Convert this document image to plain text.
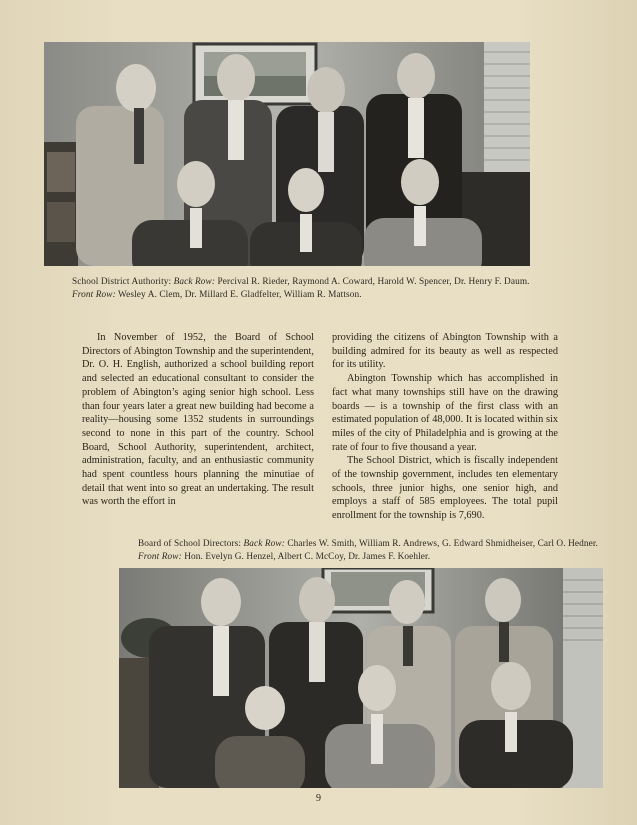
School District Authority: Back Row: Percival R. Rieder, Raymond A. Coward, Harold W. Spencer, Dr. Henry F. Daum. Front Row: Wesley A. Clem, Dr. Millard E. Gladfelter, William R. Mattson.

In November of 1952, the Board of School Directors of Abington Township and the superintendent, Dr. O. H. English, authorized a school building report and selected an educational consultant to consider the problem of Abington’s aging senior high school. Less than four years later a great new building had become a reality—housing some 1352 students in surroundings second to none in this part of the country. School Board, School Authority, superintendent, architect, administration, faculty, and an enthusiastic community had spent countless hours planning the minutiae of detail that went into so great an undertaking. The result was worth the effort in

providing the citizens of Abington Township with a building admired for its beauty as well as respected for its utility.

Abington Township which has accomplished in fact what many townships still have on the drawing boards — is a township of the first class with an estimated population of 48,000. It is located within six miles of the city of Philadelphia and is growing at the rate of four to five thousand a year.

The School District, which is fiscally independent of the township government, includes ten elementary schools, three junior highs, one senior high, and employs a staff of 585 employees. The total pupil enrollment for the township is 7,690.

Board of School Directors: Back Row: Charles W. Smith, William R. Andrews, G. Edward Shmidheiser, Carl O. Hedner. Front Row: Hon. Evelyn G. Henzel, Albert C. McCoy, Dr. James F. Koehler.
9
